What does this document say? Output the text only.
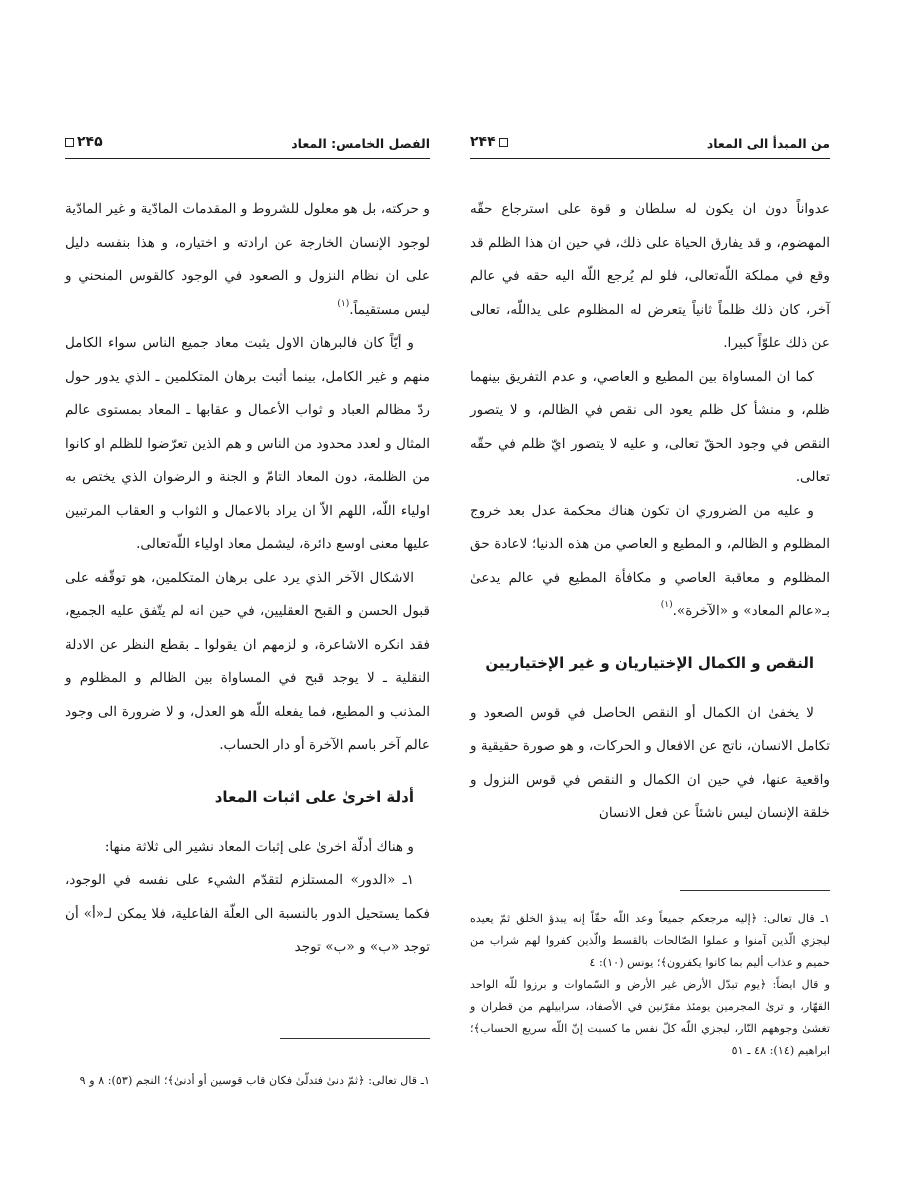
من المبدأ الى المعاد
۲۴۴

عدواناً دون ان يكون له سلطان و قوة على استرجاع حقّه المهضوم، و قد يفارق الحياة على ذلك، في حين ان هذا الظلم قد وقع في مملكة اللّه‌تعالى، فلو لم يُرجع اللّه اليه حقه في عالم آخر، كان ذلك ظلماً ثانياً يتعرض له المظلوم على يداللّه، تعالى عن ذلك علوّاً كبيرا.

كما ان المساواة بين المطيع و العاصي، و عدم التفريق بينهما ظلم، و منشأ كل ظلم يعود الى نقص في الظالم، و لا يتصور النقص في وجود الحقّ تعالى، و عليه لا يتصور ايّ ظلم في حقّه تعالى.

و عليه من الضروري ان تكون هناك محكمة عدل بعد خروج المظلوم و الظالم، و المطيع و العاصي من هذه الدنيا؛ لاعادة حق المظلوم و معاقبة العاصي و مكافأة المطيع في عالم يدعىٰ بـ«عالم المعاد» و «الآخرة».$^{(١)}$

النقص و الكمال الإختياريان و غير الإختياريين

لا يخفىٰ ان الكمال أو النقص الحاصل في قوس الصعود و تكامل الانسان، ناتج عن الافعال و الحركات، و هو صورة حقيقية و واقعية عنها، في حين ان الكمال و النقص في قوس النزول و خلقة الإنسان ليس ناشئاً عن فعل الانسان

١ـ قال تعالى: ﴿إليه مرجعكم جميعاً وعد اللّه حقّاً إنه يبدؤ الخلق ثمّ يعيده ليجزي الّذين آمنوا و عملوا الصّالحات بالقسط والّذين كفروا لهم شراب من حميم و عذاب أليم بما كانوا يكفرون﴾؛ يونس (١٠): ٤

و قال ايضاً: ﴿يوم تبدّل الأرض غير الأرض و السّماوات و برزوا للّه الواحد القهّار، و ترىٰ المجرمين يومئذ مقرّنين في الأصفاد، سرابيلهم من قطران و تغشىٰ وجوههم النّار، ليجزي اللّه كلّ نفس ما كسبت إنّ اللّه سريع الحساب﴾؛ ابراهيم (١٤): ٤٨ ـ ٥١

الفصل الخامس: المعاد
۲۴۵

و حركته، بل هو معلول للشروط و المقدمات المادّية و غير المادّية لوجود الإنسان الخارجة عن ارادته و اختياره، و هذا بنفسه دليل على ان نظام النزول و الصعود في الوجود كالقوس المنحني و ليس مستقيماً.$^{(١)}$

و أيّاً كان فالبرهان الاول يثبت معاد جميع الناس سواء الكامل منهم و غير الكامل، بينما أثبت برهان المتكلمين ـ الذي يدور حول ردّ مظالم العباد و ثواب الأعمال و عقابها ـ المعاد بمستوى عالم المثال و لعدد محدود من الناس و هم الذين تعرّضوا للظلم او كانوا من الظلمة، دون المعاد التامّ و الجنة و الرضوان الذي يختص به اولياء اللّه، اللهم الاّ ان يراد بالاعمال و الثواب و العقاب المرتبين عليها معنى اوسع دائرة، ليشمل معاد اولياء اللّه‌تعالى.

الاشكال الآخر الذي يرد على برهان المتكلمين، هو توقّفه على قبول الحسن و القبح العقليين، في حين انه لم يتّفق عليه الجميع، فقد انكره الاشاعرة، و لزمهم ان يقولوا ـ بقطع النظر عن الادلة النقلية ـ لا يوجد قبح في المساواة بين الظالم و المظلوم و المذنب و المطيع، فما يفعله اللّه هو العدل، و لا ضرورة الى وجود عالم آخر باسم الآخرة أو دار الحساب.

أدلة اخرىٰ على اثبات المعاد

و هناك أدلّة اخرىٰ على إثبات المعاد نشير الى ثلاثة منها:

١ـ «الدور» المستلزم لتقدّم الشيء على نفسه في الوجود، فكما يستحيل الدور بالنسبة الى العلّة الفاعلية، فلا يمكن لـ«أ» أن توجد «ب» و «ب» توجد

١ـ قال تعالى: ﴿ثمّ دنىٰ فتدلّىٰ فكان قاب قوسين أو أدنىٰ﴾؛ النجم (٥٣): ٨ و ٩
